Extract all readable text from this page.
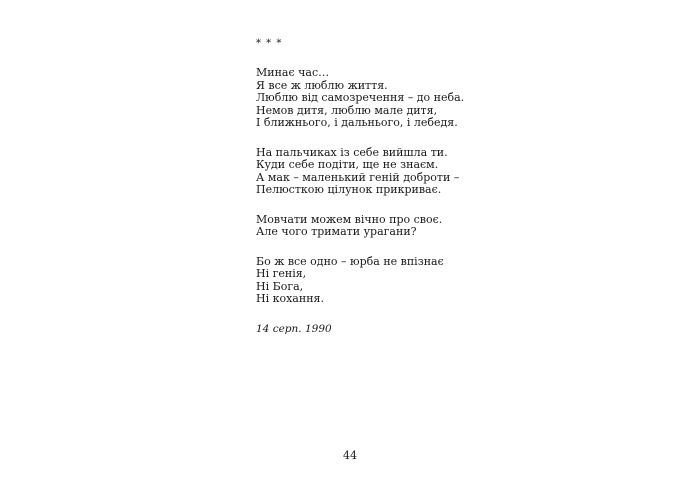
* * *
Минає час…
Я все ж люблю життя.
Люблю від самозречення – до неба.
Немов дитя, люблю мале дитя,
І ближнього, і дальнього, і лебедя.
На пальчиках із себе вийшла ти.
Куди себе подіти, ще не знаєм.
А мак – маленький геній доброти –
Пелюсткою цілунок прикриває.
Мовчати можем вічно про своє.
Але чого тримати урагани?
Бо ж все одно – юрба не впізнає
Ні генія,
Ні Бога,
Ні кохання.
14 серп. 1990
44
